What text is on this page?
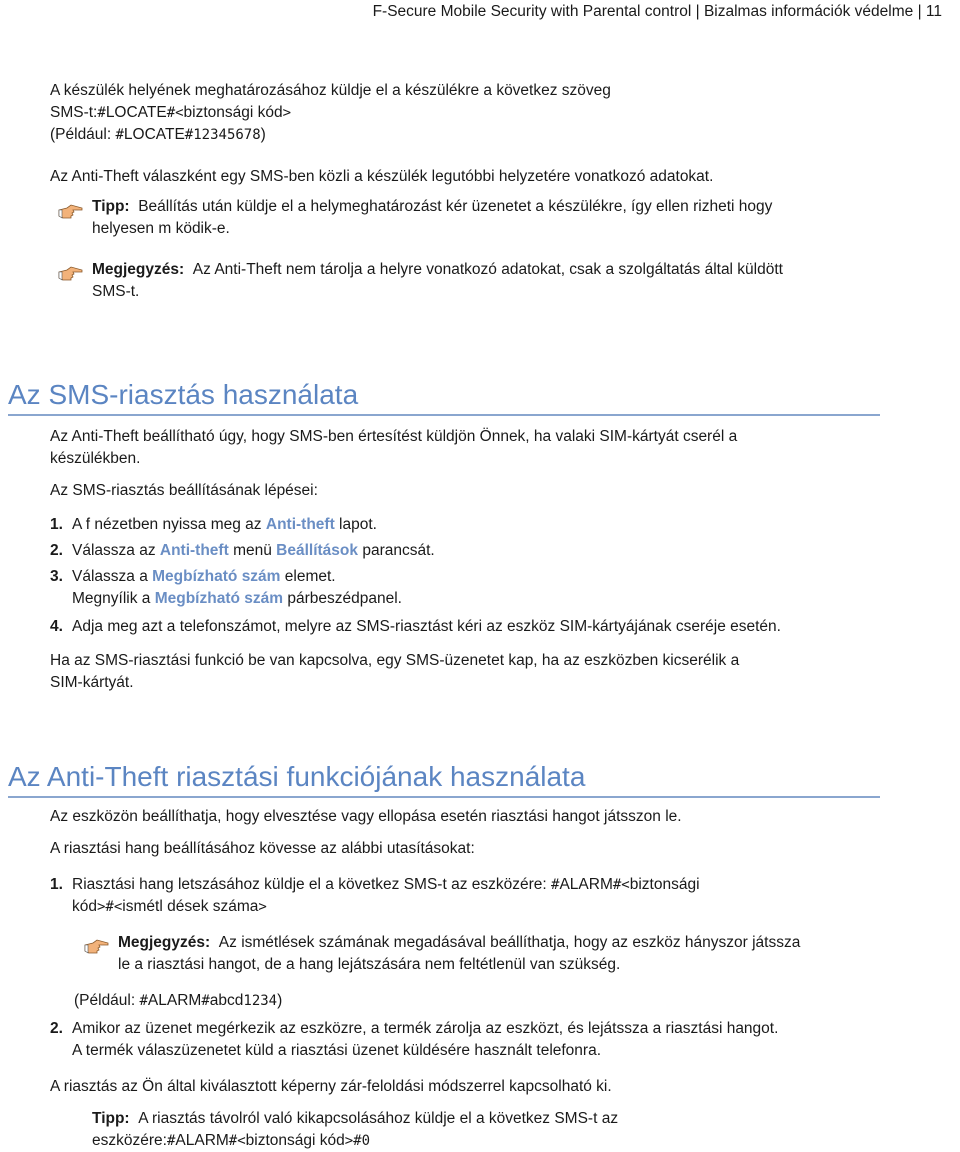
F-Secure Mobile Security with Parental control | Bizalmas információk védelme | 11
A készülék helyének meghatározásához küldje el a készülékre a következ szöveg
SMS-t:#LOCATE#<biztonsági kód>
(Például: #LOCATE#12345678)
Az Anti-Theft válaszként egy SMS-ben közli a készülék legutóbbi helyzetére vonatkozó adatokat.
Tipp: Beállítás után küldje el a helymeghatározást kér üzenetet a készülékre, így ellen rizheti hogy
helyesen m ködik-e.
Megjegyzés: Az Anti-Theft nem tárolja a helyre vonatkozó adatokat, csak a szolgáltatás által küldött
SMS-t.
Az SMS-riasztás használata
Az Anti-Theft beállítható úgy, hogy SMS-ben értesítést küldjön Önnek, ha valaki SIM-kártyát cserél a
készülékben.
Az SMS-riasztás beállításának lépései:
1. A f nézetben nyissa meg az Anti-theft lapot.
2. Válassza az Anti-theft menü Beállítások parancsát.
3. Válassza a Megbízható szám elemet.
Megnyílik a Megbízható szám párbeszédpanel.
4. Adja meg azt a telefonszámot, melyre az SMS-riasztást kéri az eszköz SIM-kártyájának cseréje esetén.
Ha az SMS-riasztási funkció be van kapcsolva, egy SMS-üzenetet kap, ha az eszközben kicserélik a
SIM-kártyát.
Az Anti-Theft riasztási funkciójának használata
Az eszközön beállíthatja, hogy elvesztése vagy ellopása esetén riasztási hangot játsszon le.
A riasztási hang beállításához kövesse az alábbi utasításokat:
1. Riasztási hang letszásához küldje el a következ SMS-t az eszközére: #ALARM#<biztonsági
kód>#<ismétl dések száma>
Megjegyzés: Az ismétlések számának megadásával beállíthatja, hogy az eszköz hányszor játssza
le a riasztási hangot, de a hang lejátszására nem feltétlenül van szükség.
(Például: #ALARM#abcd1234)
2. Amikor az üzenet megérkezik az eszközre, a termék zárolja az eszközt, és lejátssza a riasztási hangot.
A termék válaszüzenetet küld a riasztási üzenet küldésére használt telefonra.
A riasztás az Ön által kiválasztott képerny zár-feloldási módszerrel kapcsolható ki.
Tipp: A riasztás távolról való kikapcsolásához küldje el a következ SMS-t az
eszközére:#ALARM#<biztonsági kód>#0
